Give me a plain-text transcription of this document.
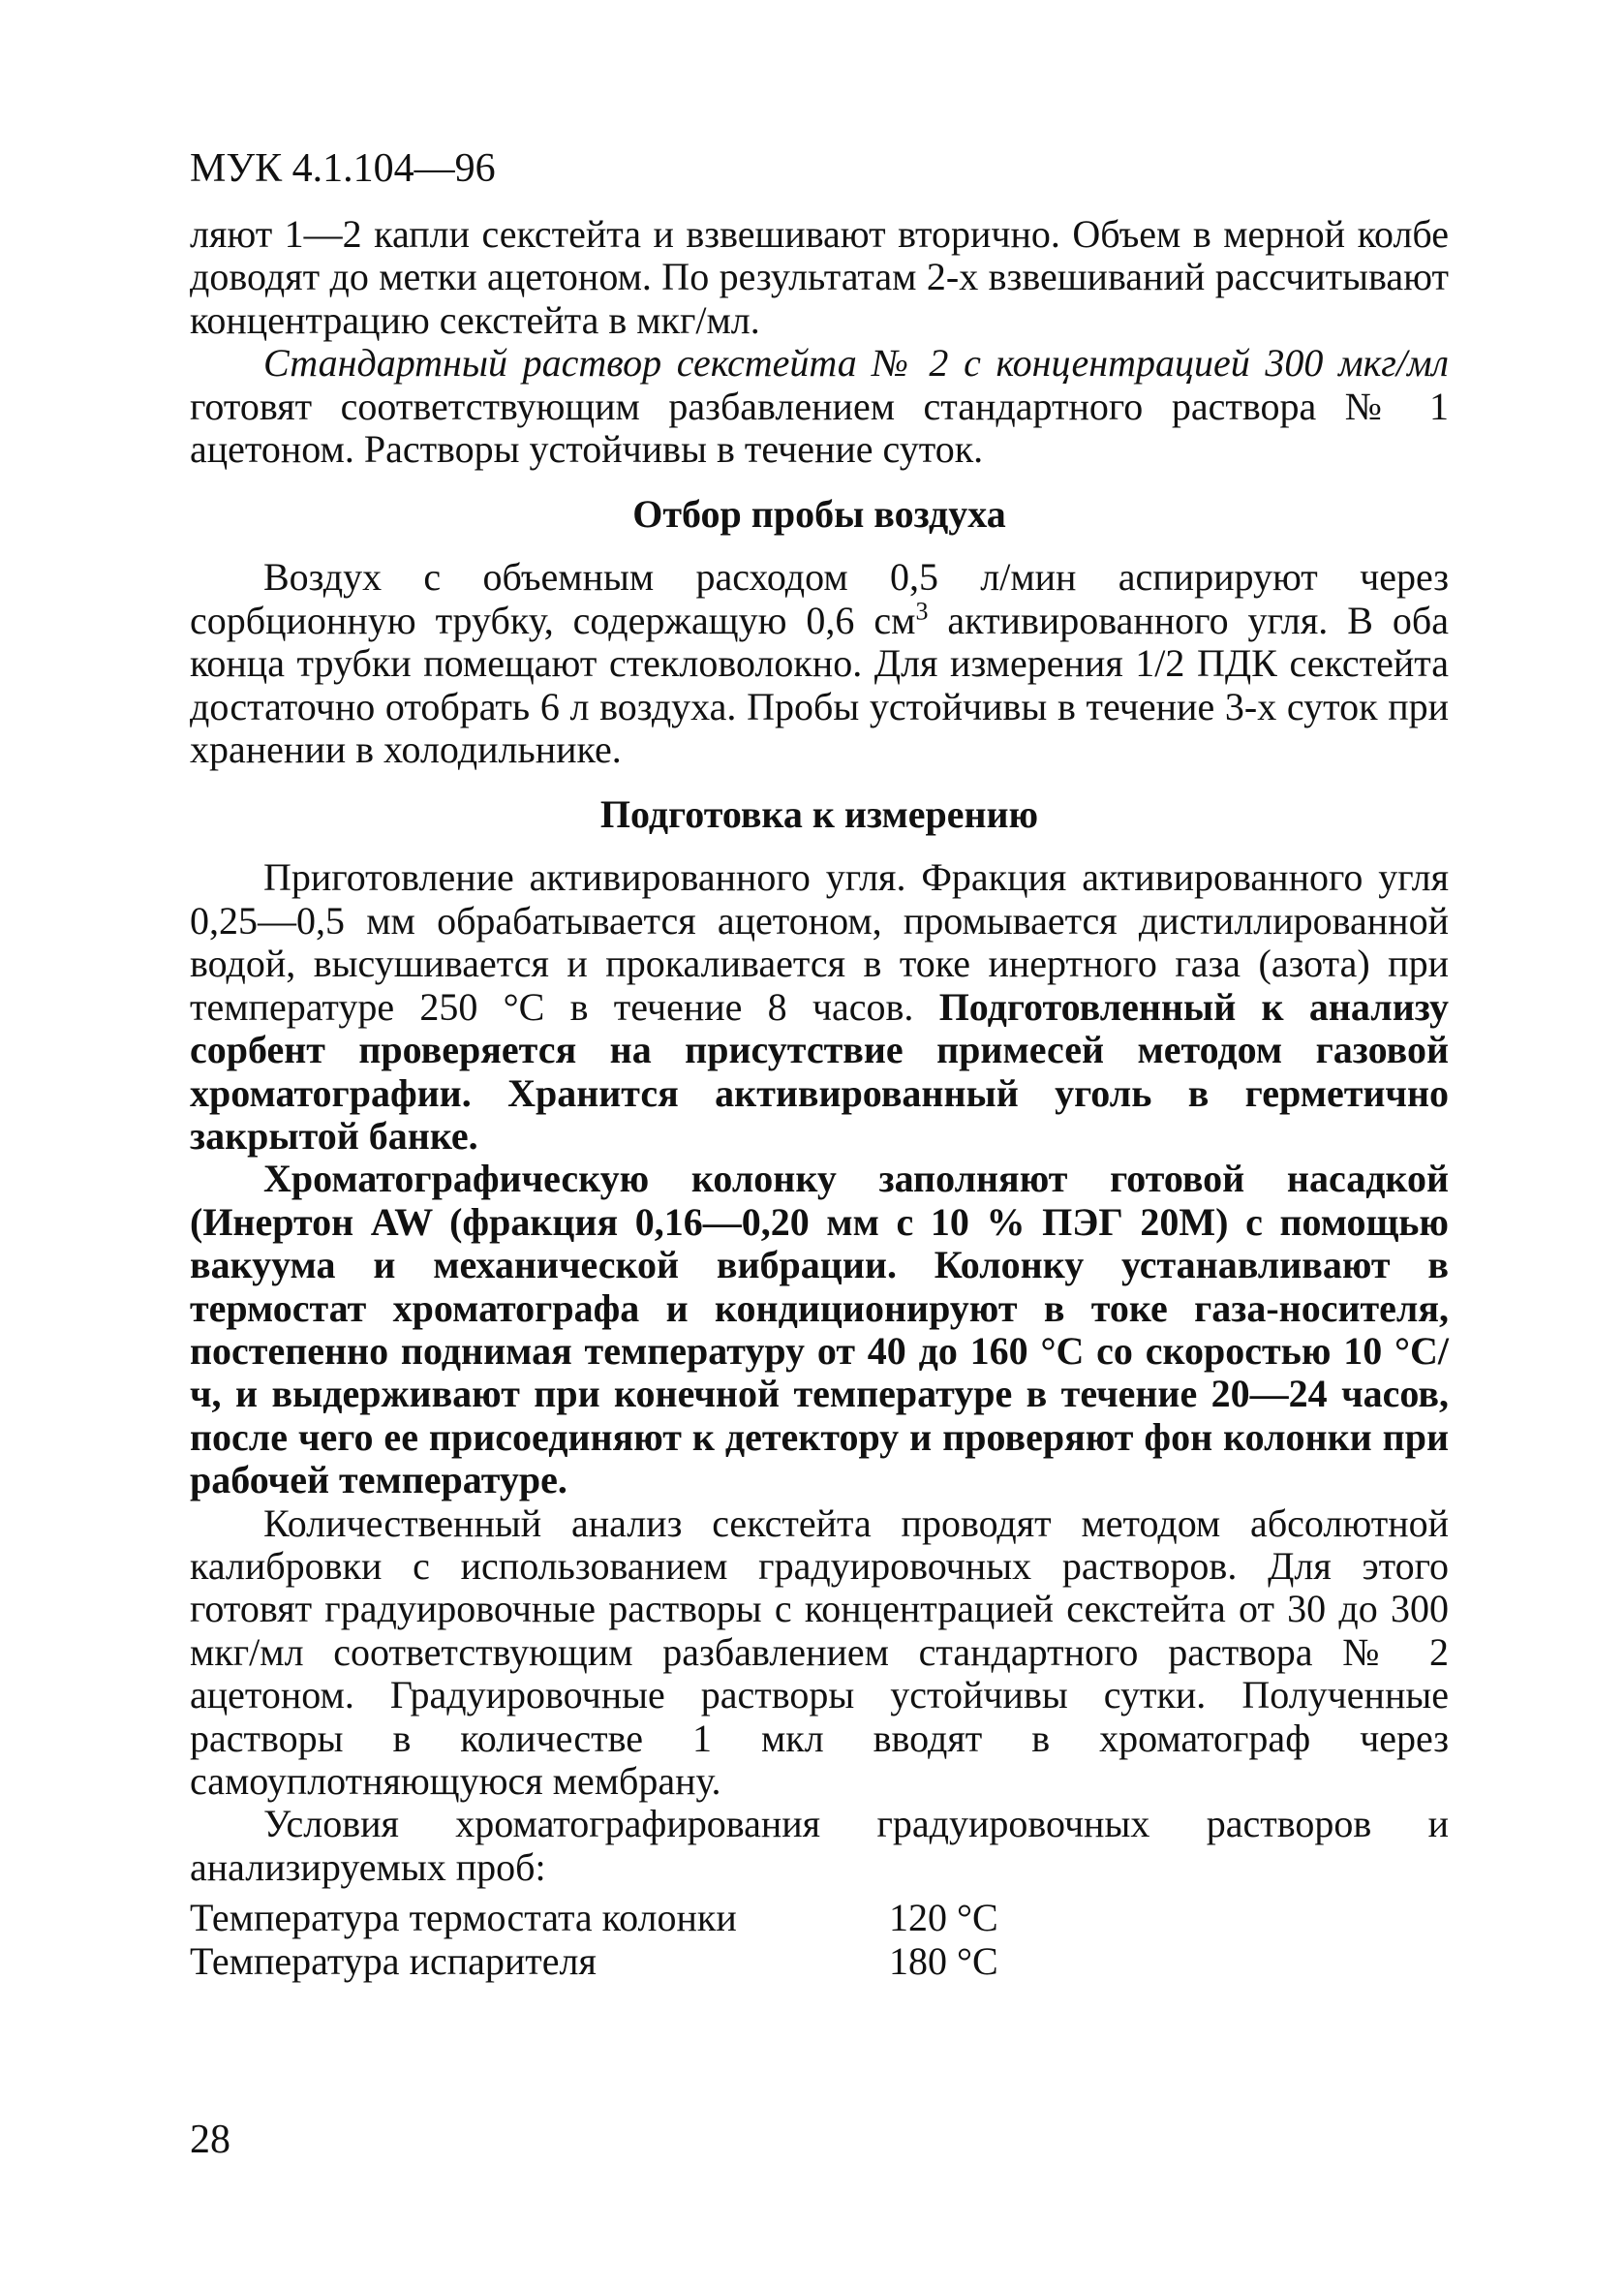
МУК 4.1.104—96

ляют 1—2 капли секстейта и взвешивают вторично. Объем в мерной колбе доводят до метки ацетоном. По результатам 2-х взвешиваний рассчитывают концентрацию секстейта в мкг/мл.

Стандартный раствор секстейта № 2 с концентрацией 300 мкг/мл готовят соответствующим разбавлением стандартного раствора № 1 ацетоном. Растворы устойчивы в течение суток.

Отбор пробы воздуха

Воздух с объемным расходом 0,5 л/мин аспирируют через сорбционную трубку, содержащую 0,6 $см^3$ активированного угля. В оба конца трубки помещают стекловолокно. Для измерения 1/2 ПДК секстейта достаточно отобрать 6 л воздуха. Пробы устойчивы в течение 3-х суток при хранении в холодильнике.

Подготовка к измерению

Приготовление активированного угля. Фракция активированного угля 0,25—0,5 мм обрабатывается ацетоном, промывается дистиллированной водой, высушивается и прокаливается в токе инертного газа (азота) при температуре 250 °С в течение 8 часов. Подготовленный к анализу сорбент проверяется на присутствие примесей методом газовой хроматографии. Хранится активированный уголь в герметично закрытой банке.

Хроматографическую колонку заполняют готовой насадкой (Инертон AW (фракция 0,16—0,20 мм с 10 % ПЭГ 20М) с помощью вакуума и механической вибрации. Колонку устанавливают в термостат хроматографа и кондиционируют в токе газа-носителя, постепенно поднимая температуру от 40 до 160 °С со скоростью 10 °С/ч, и выдерживают при конечной температуре в течение 20—24 часов, после чего ее присоединяют к детектору и проверяют фон колонки при рабочей температуре.

Количественный анализ секстейта проводят методом абсолютной калибровки с использованием градуировочных растворов. Для этого готовят градуировочные растворы с концентрацией секстейта от 30 до 300 мкг/мл соответствующим разбавлением стандартного раствора № 2 ацетоном. Градуировочные растворы устойчивы сутки. Полученные растворы в количестве 1 мкл вводят в хроматограф через самоуплотняющуюся мембрану.

Условия хроматографирования градуировочных растворов и анализируемых проб:

Температура термостата колонки	120 °С
Температура испарителя	180 °С
28
